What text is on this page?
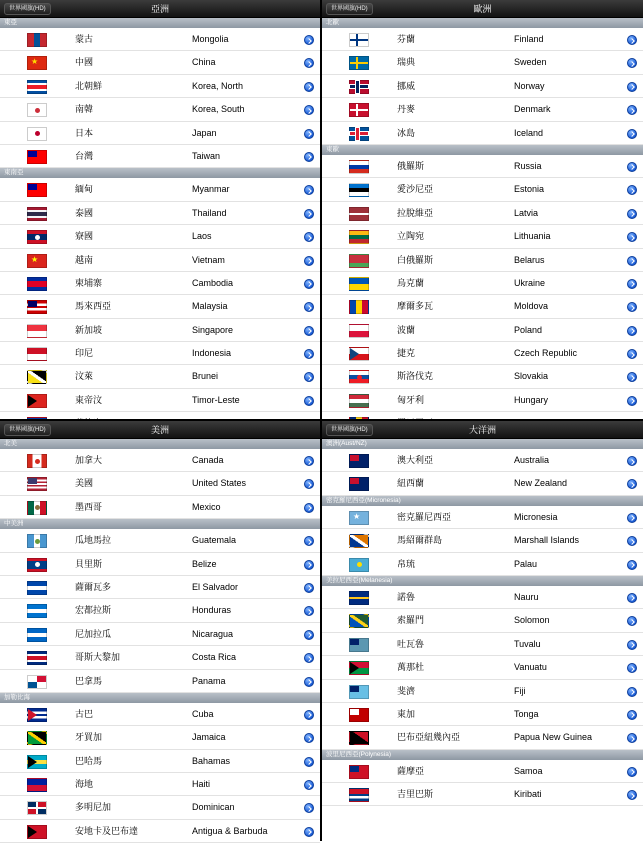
世界國旗(HD)	亞洲
東亞
蒙古	Mongolia
★	中國	China
北朝鮮	Korea, North
南韓	Korea, South
日本	Japan
台灣	Taiwan
東南亞
緬甸	Myanmar
泰國	Thailand
寮國	Laos
★	越南	Vietnam
柬埔寨	Cambodia
馬來西亞	Malaysia
新加坡	Singapore
印尼	Indonesia
汶萊	Brunei
東帝汶	Timor-Leste
世界國旗(HD)	歐洲
北歐
芬蘭	Finland
瑞典	Sweden
挪威	Norway
丹麥	Denmark
冰島	Iceland
東歐
俄羅斯	Russia
愛沙尼亞	Estonia
拉脫維亞	Latvia
立陶宛	Lithuania
白俄羅斯	Belarus
烏克蘭	Ukraine
摩爾多瓦	Moldova
波蘭	Poland
捷克	Czech Republic
斯洛伐克	Slovakia
匈牙利	Hungary
世界國旗(HD)	美洲
北美
加拿大	Canada
美國	United States
墨西哥	Mexico
中美洲
瓜地馬拉	Guatemala
貝里斯	Belize
薩爾瓦多	El Salvador
宏都拉斯	Honduras
尼加拉瓜	Nicaragua
哥斯大黎加	Costa Rica
巴拿馬	Panama
加勒比海
古巴	Cuba
牙買加	Jamaica
巴哈馬	Bahamas
海地	Haiti
多明尼加	Dominican
安地卡及巴布達	Antigua & Barbuda
世界國旗(HD)	大洋洲
澳洲(Aust/NZ)
澳大利亞	Australia
紐西蘭	New Zealand
密克羅尼西亞(Micronesia)
★	密克羅尼西亞	Micronesia
馬紹爾群島	Marshall Islands
帛琉	Palau
美拉尼西亞(Melanesia)
諾魯	Nauru
索羅門	Solomon
吐瓦魯	Tuvalu
萬那杜	Vanuatu
斐濟	Fiji
東加	Tonga
巴布亞紐幾內亞	Papua New Guinea
波里尼西亞(Polynesia)
薩摩亞	Samoa
吉里巴斯	Kiribati
